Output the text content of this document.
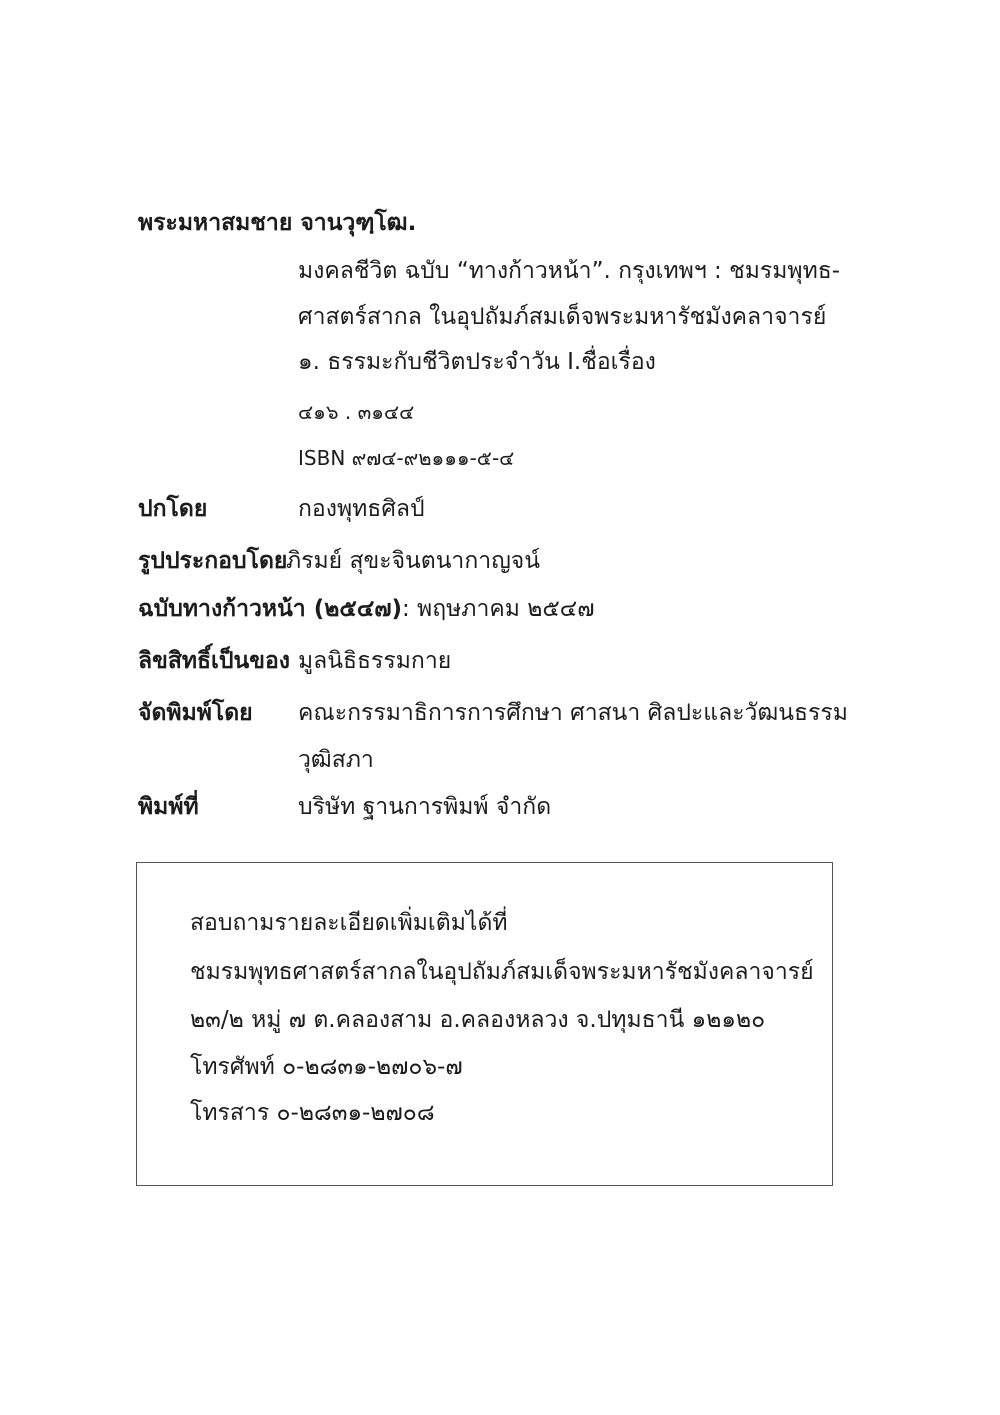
พระมหาสมชาย จานวุฑฺโฒ.
มงคลชีวิต ฉบับ “ทางก้าวหน้า”. กรุงเทพฯ : ชมรมพุทธ-
ศาสตร์สากล ในอุปถัมภ์สมเด็จพระมหารัชมังคลาจารย์
๑. ธรรมะกับชีวิตประจำวัน I.ชื่อเรื่อง
๔๑๖ . ๓๑๔๔
ISBN ๙๗๔-๙๒๑๑๑-๕-๔
ปกโดย	กองพุทธศิลป์
รูปประกอบโดย
ภิรมย์ สุขะจินตนากาญจน์
ฉบับทางก้าวหน้า (๒๕๔๗) : พฤษภาคม ๒๕๔๗
ลิขสิทธิ์เป็นของ มูลนิธิธรรมกาย
จัดพิมพ์โดย คณะกรรมาธิการการศึกษา ศาสนา ศิลปะและวัฒนธรรม
วุฒิสภา
พิมพ์ที่	บริษัท ฐานการพิมพ์ จำกัด
สอบถามรายละเอียดเพิ่มเติมได้ที่
ชมรมพุทธศาสตร์สากลในอุปถัมภ์สมเด็จพระมหารัชมังคลาจารย์
๒๓/๒ หมู่ ๗ ต.คลองสาม อ.คลองหลวง จ.ปทุมธานี ๑๒๑๒๐
โทรศัพท์ ๐-๒๘๓๑-๒๗๐๖-๗
โทรสาร ๐-๒๘๓๑-๒๗๐๘
